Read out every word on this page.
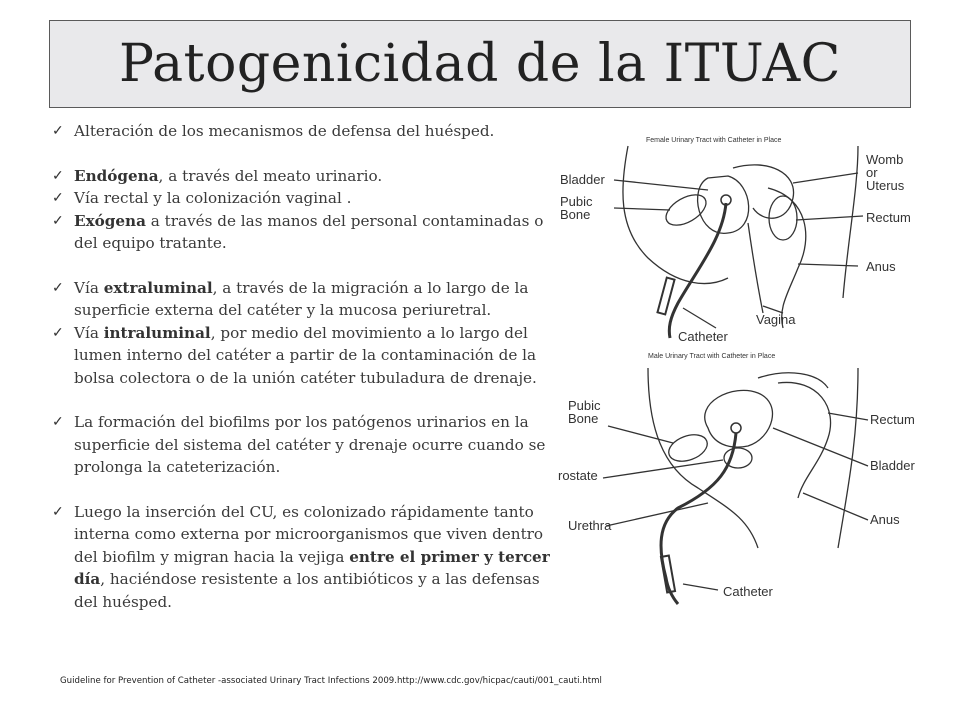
Patogenicidad de la ITUAC
✓ Alteración de los mecanismos de defensa del huésped.
✓ Endógena, a través del meato urinario.
✓ Vía rectal y la colonización vaginal .
✓ Exógena a través de las manos del personal contaminadas o del equipo tratante.
✓ Vía extraluminal, a través de la migración a lo largo de la superficie externa del catéter y la mucosa periuretral.
✓ Vía intraluminal, por medio del movimiento a lo largo del lumen interno del catéter a partir de la contaminación de la bolsa colectora o de la unión catéter tubuladura de drenaje.
✓ La formación del biofilms por los patógenos urinarios en la superficie del sistema del catéter y drenaje ocurre cuando se prolonga la cateterización.
✓ Luego la inserción del CU, es colonizado rápidamente tanto interna como externa por microorganismos que viven dentro del biofilm y migran hacia la vejiga entre el primer y tercer día, haciéndose resistente a los antibióticos y a las defensas del huésped.
Female Urinary Tract with Catheter in Place
Bladder
Pubic
Bone
Womb
or
Uterus
Rectum
Anus
Vagina
Catheter
Male Urinary Tract with Catheter in Place
Pubic
Bone	Rectum
Bladder
rostate
Anus
Urethra
Catheter
Guideline for Prevention of Catheter -associated Urinary Tract Infections 2009.http://www.cdc.gov/hicpac/cauti/001_cauti.html
